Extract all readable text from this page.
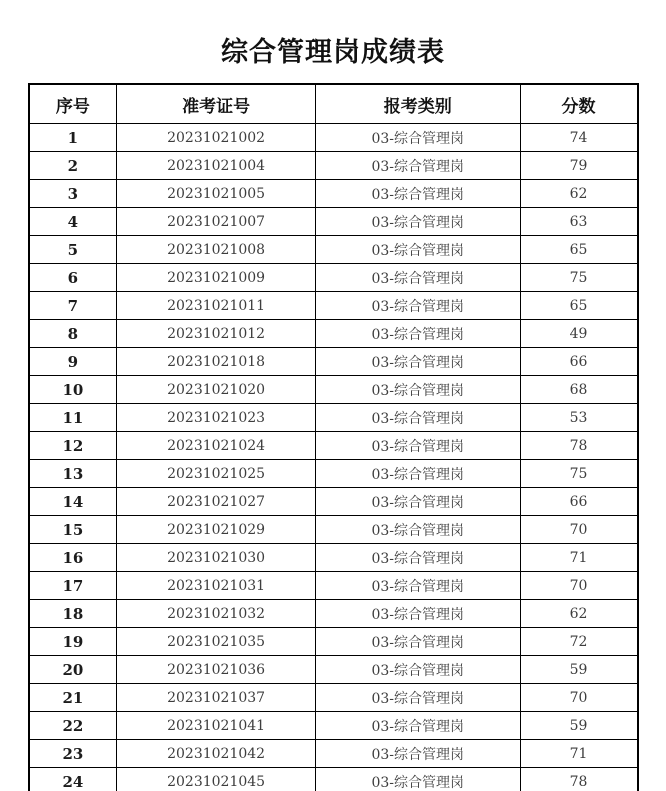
综合管理岗成绩表
序号	准考证号	报考类别	分数
1	20231021002	03-综合管理岗	74
2	20231021004	03-综合管理岗	79
3	20231021005	03-综合管理岗	62
4	20231021007	03-综合管理岗	63
5	20231021008	03-综合管理岗	65
6	20231021009	03-综合管理岗	75
7	20231021011	03-综合管理岗	65
8	20231021012	03-综合管理岗	49
9	20231021018	03-综合管理岗	66
10	20231021020	03-综合管理岗	68
11	20231021023	03-综合管理岗	53
12	20231021024	03-综合管理岗	78
13	20231021025	03-综合管理岗	75
14	20231021027	03-综合管理岗	66
15	20231021029	03-综合管理岗	70
16	20231021030	03-综合管理岗	71
17	20231021031	03-综合管理岗	70
18	20231021032	03-综合管理岗	62
19	20231021035	03-综合管理岗	72
20	20231021036	03-综合管理岗	59
21	20231021037	03-综合管理岗	70
22	20231021041	03-综合管理岗	59
23	20231021042	03-综合管理岗	71
24	20231021045	03-综合管理岗	78
